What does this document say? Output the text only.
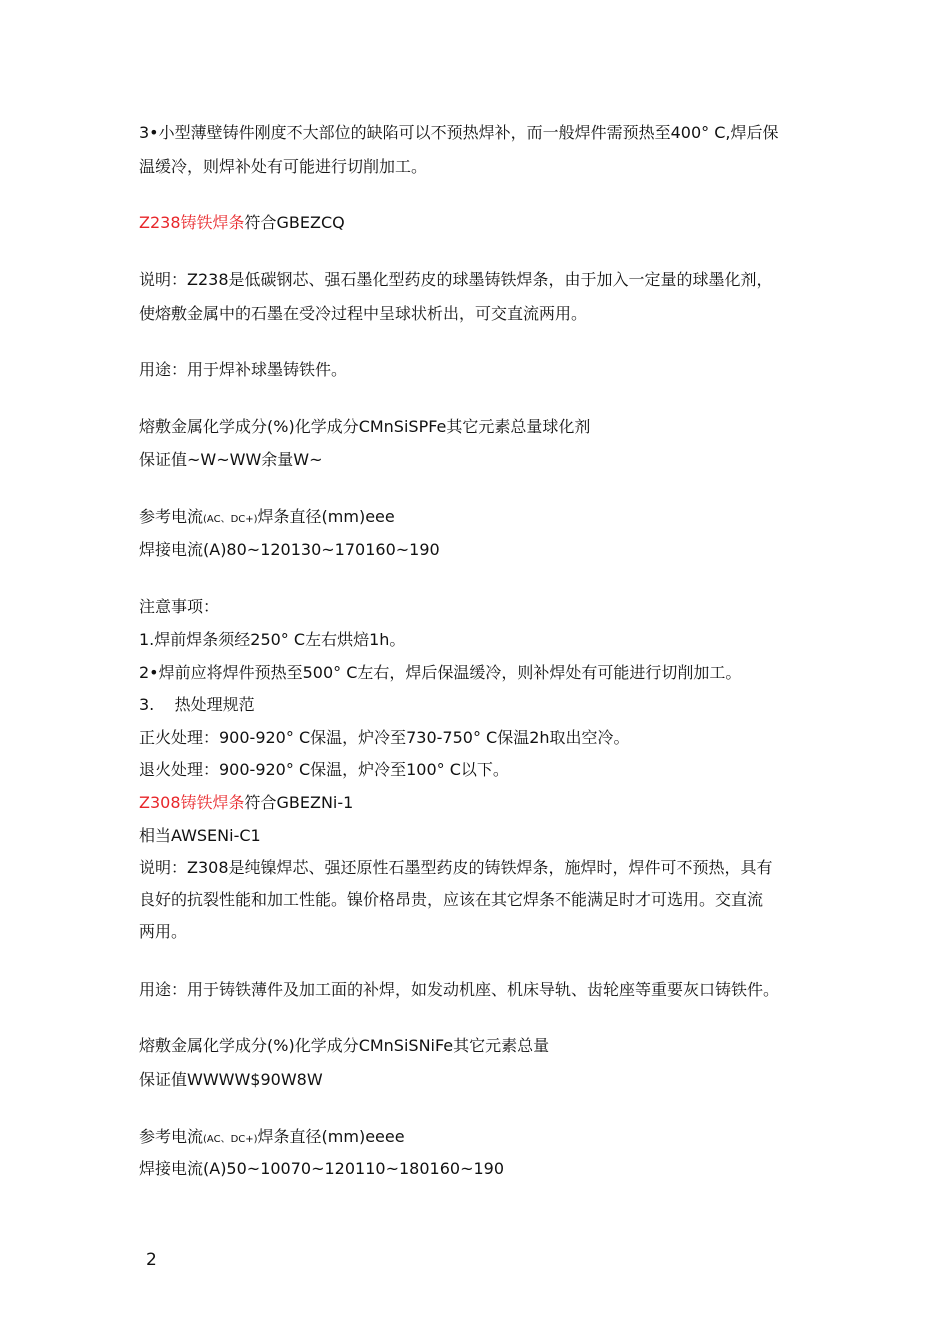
3•小型薄壁铸件刚度不大部位的缺陷可以不预热焊补，而一般焊件需预热至400° C,焊后保
温缓冷，则焊补处有可能进行切削加工。
Z238铸铁焊条符合GBEZCQ
说明：Z238是低碳钢芯、强石墨化型药皮的球墨铸铁焊条，由于加入一定量的球墨化剂，
使熔敷金属中的石墨在受冷过程中呈球状析出，可交直流两用。
用途：用于焊补球墨铸铁件。
熔敷金属化学成分(%)化学成分CMnSiSPFe其它元素总量球化剂
保证值~W~WW余量W~
参考电流(AC、DC+)焊条直径(mm)eee
焊接电流(A)80~120130~170160~190
注意事项：
1.焊前焊条须经250° C左右烘焙1h。
2•焊前应将焊件预热至500° C左右，焊后保温缓冷，则补焊处有可能进行切削加工。
3.    热处理规范
正火处理：900-920° C保温，炉冷至730-750° C保温2h取出空冷。
退火处理：900-920° C保温，炉冷至100° C以下。
Z308铸铁焊条符合GBEZNi-1
相当AWSENi-C1
说明：Z308是纯镍焊芯、强还原性石墨型药皮的铸铁焊条，施焊时，焊件可不预热，具有
良好的抗裂性能和加工性能。镍价格昂贵，应该在其它焊条不能满足时才可选用。交直流
两用。
用途：用于铸铁薄件及加工面的补焊，如发动机座、机床导轨、齿轮座等重要灰口铸铁件。
熔敷金属化学成分(%)化学成分CMnSiSNiFe其它元素总量
保证值WWWW$90W8W
参考电流(AC、DC+)焊条直径(mm)eeee
焊接电流(A)50~10070~120110~180160~190
2
